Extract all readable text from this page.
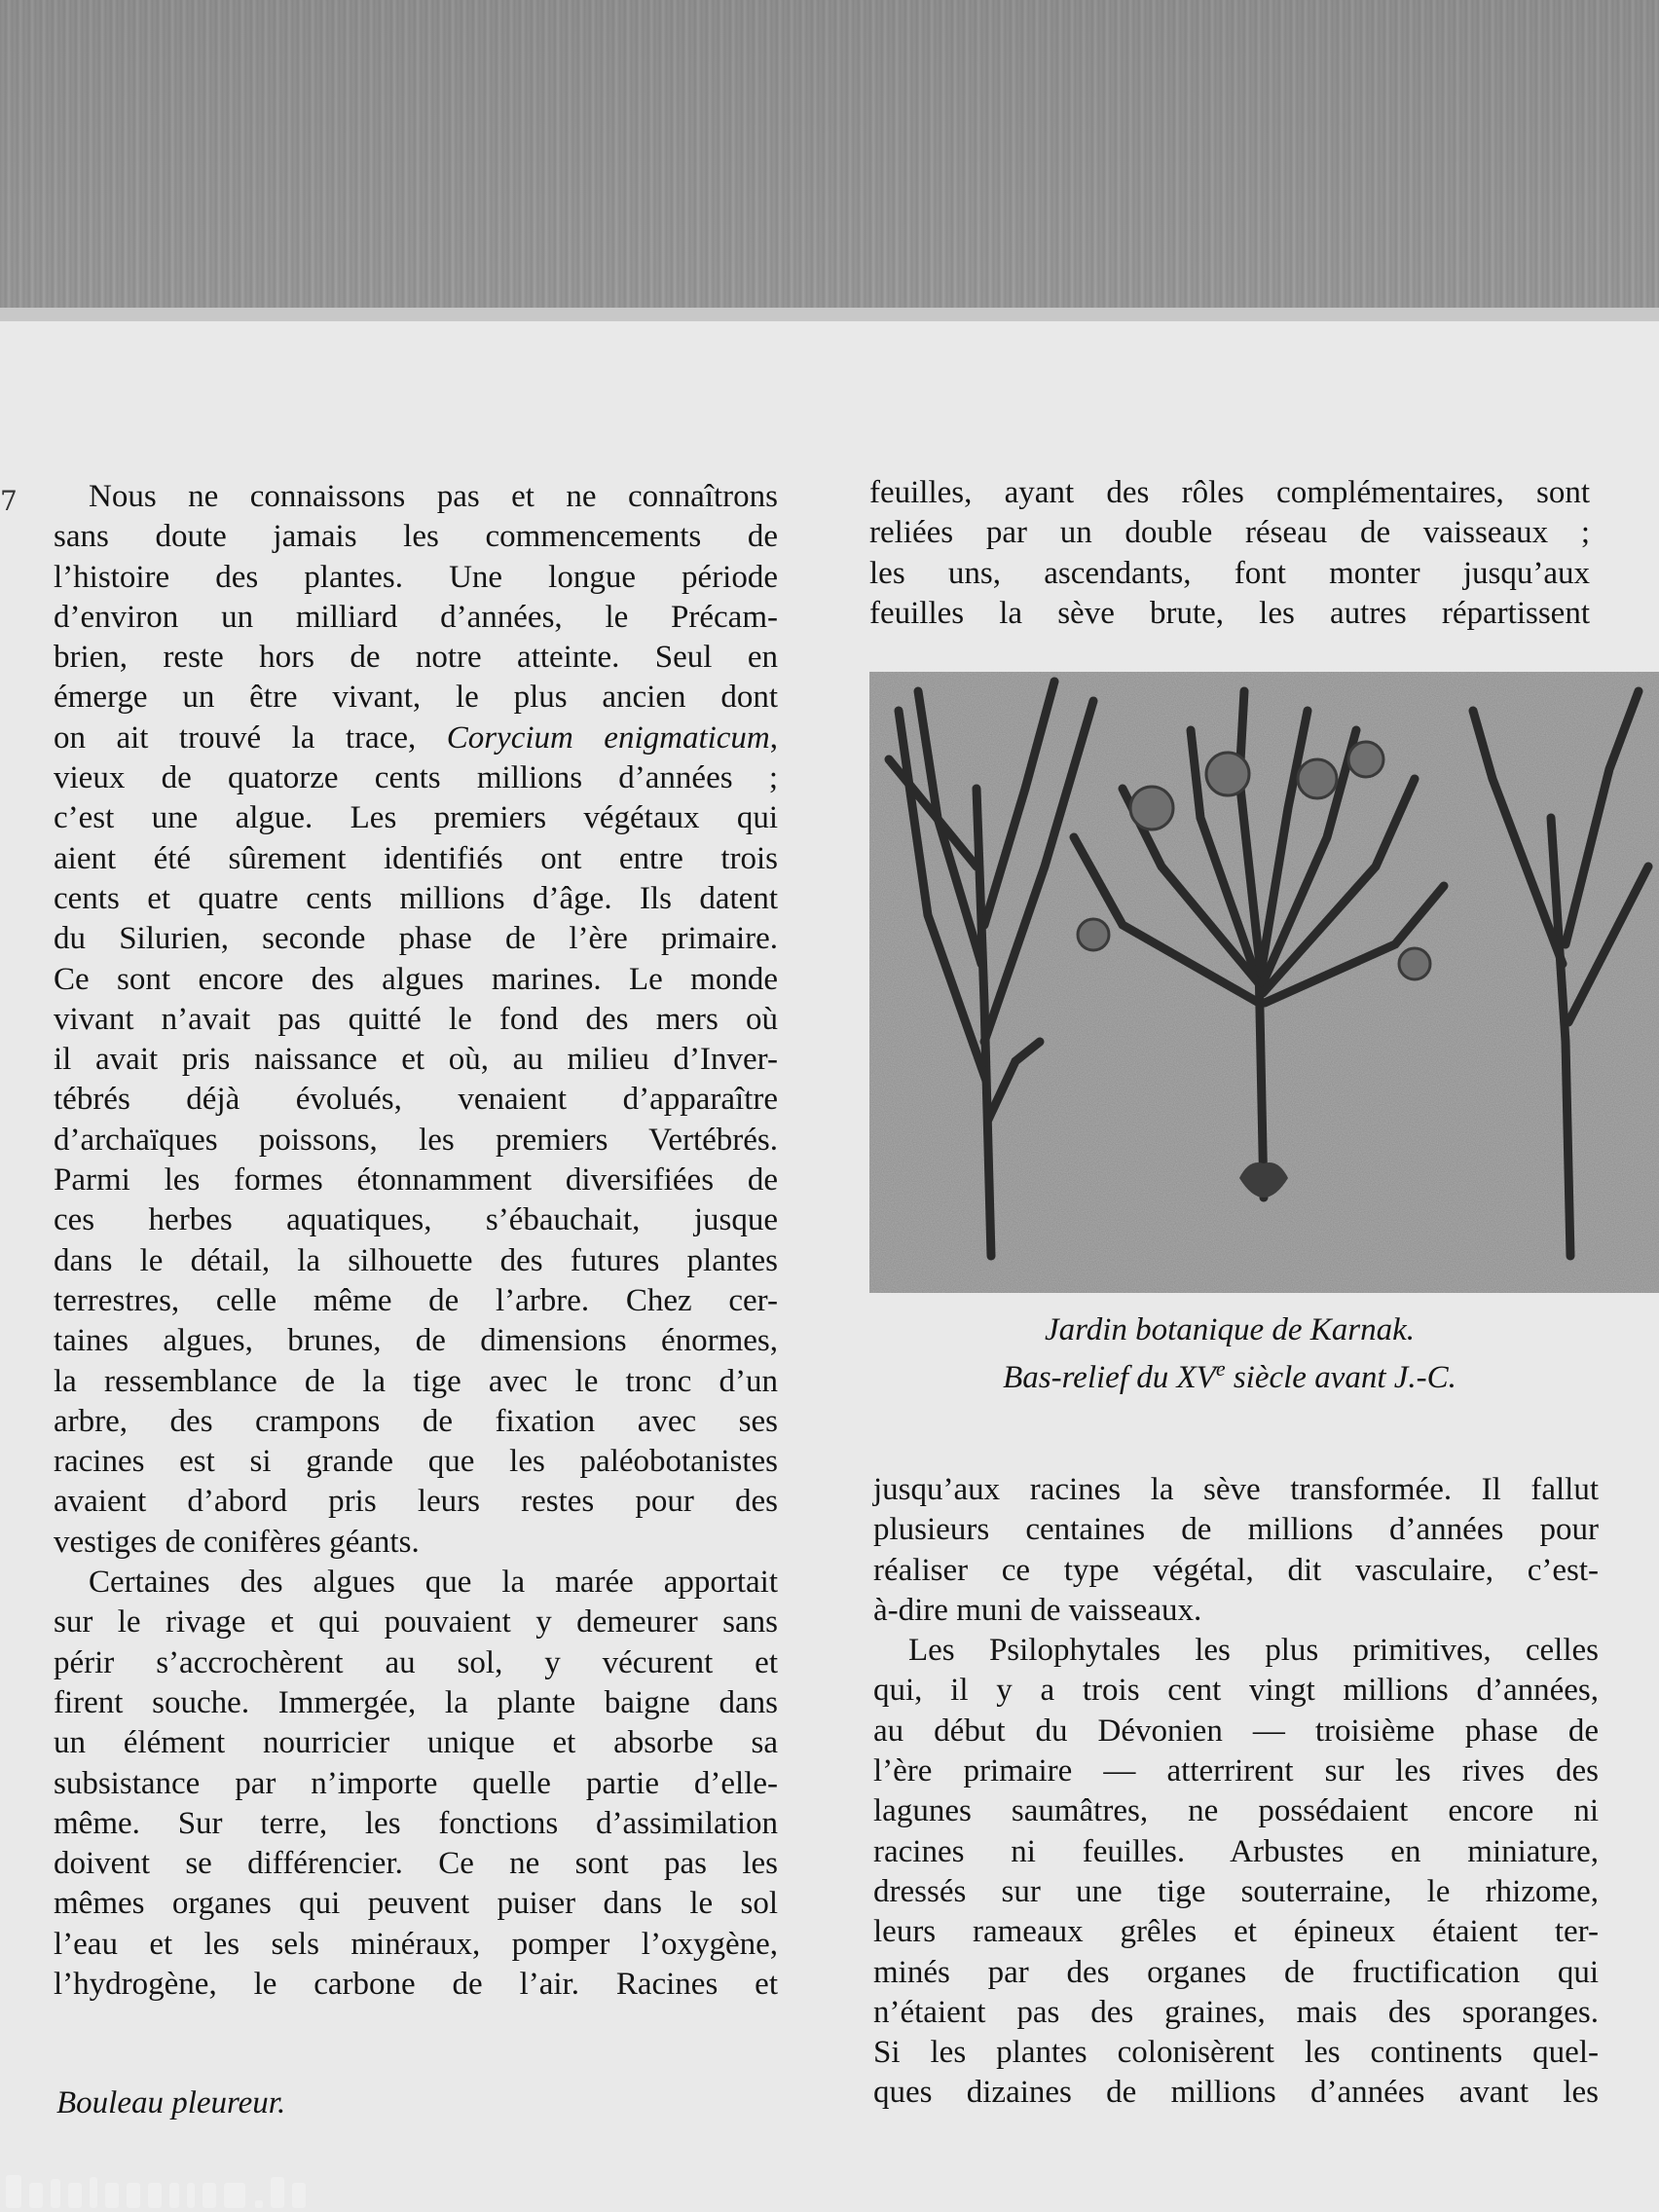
7	Nous ne connaissons pas et ne connaîtrons
sans doute jamais les commencements de
l’histoire des plantes. Une longue période
d’environ un milliard d’années, le Précam-
brien, reste hors de notre atteinte. Seul en
émerge un être vivant, le plus ancien dont
on ait trouvé la trace, Corycium enigmaticum,
vieux de quatorze cents millions d’années ;
c’est une algue. Les premiers végétaux qui
aient été sûrement identifiés ont entre trois
cents et quatre cents millions d’âge. Ils datent
du Silurien, seconde phase de l’ère primaire.
Ce sont encore des algues marines. Le monde
vivant n’avait pas quitté le fond des mers où
il avait pris naissance et où, au milieu d’Inver-
tébrés déjà évolués, venaient d’apparaître
d’archaïques poissons, les premiers Vertébrés.
Parmi les formes étonnamment diversifiées de
ces herbes aquatiques, s’ébauchait, jusque
dans le détail, la silhouette des futures plantes
terrestres, celle même de l’arbre. Chez cer-
taines algues, brunes, de dimensions énormes,
la ressemblance de la tige avec le tronc d’un
arbre, des crampons de fixation avec ses
racines est si grande que les paléobotanistes
avaient d’abord pris leurs restes pour des
vestiges de conifères géants.

Certaines des algues que la marée apportait
sur le rivage et qui pouvaient y demeurer sans
périr s’accrochèrent au sol, y vécurent et
firent souche. Immergée, la plante baigne dans
un élément nourricier unique et absorbe sa
subsistance par n’importe quelle partie d’elle-
même. Sur terre, les fonctions d’assimilation
doivent se différencier. Ce ne sont pas les
mêmes organes qui peuvent puiser dans le sol
l’eau et les sels minéraux, pomper l’oxygène,
l’hydrogène, le carbone de l’air. Racines et

feuilles, ayant des rôles complémentaires, sont
reliées par un double réseau de vaisseaux ;
les uns, ascendants, font monter jusqu’aux
feuilles la sève brute, les autres répartissent

Jardin botanique de Karnak.
Bas-relief du XVe siècle avant J.-C.

jusqu’aux racines la sève transformée. Il fallut
plusieurs centaines de millions d’années pour
réaliser ce type végétal, dit vasculaire, c’est-
à-dire muni de vaisseaux.

Les Psilophytales les plus primitives, celles
qui, il y a trois cent vingt millions d’années,
au début du Dévonien — troisième phase de
l’ère primaire — atterrirent sur les rives des
lagunes saumâtres, ne possédaient encore ni
racines ni feuilles. Arbustes en miniature,
dressés sur une tige souterraine, le rhizome,
leurs rameaux grêles et épineux étaient ter-
minés par des organes de fructification qui
n’étaient pas des graines, mais des sporanges.
Si les plantes colonisèrent les continents quel-
ques dizaines de millions d’années avant les

Bouleau pleureur.
